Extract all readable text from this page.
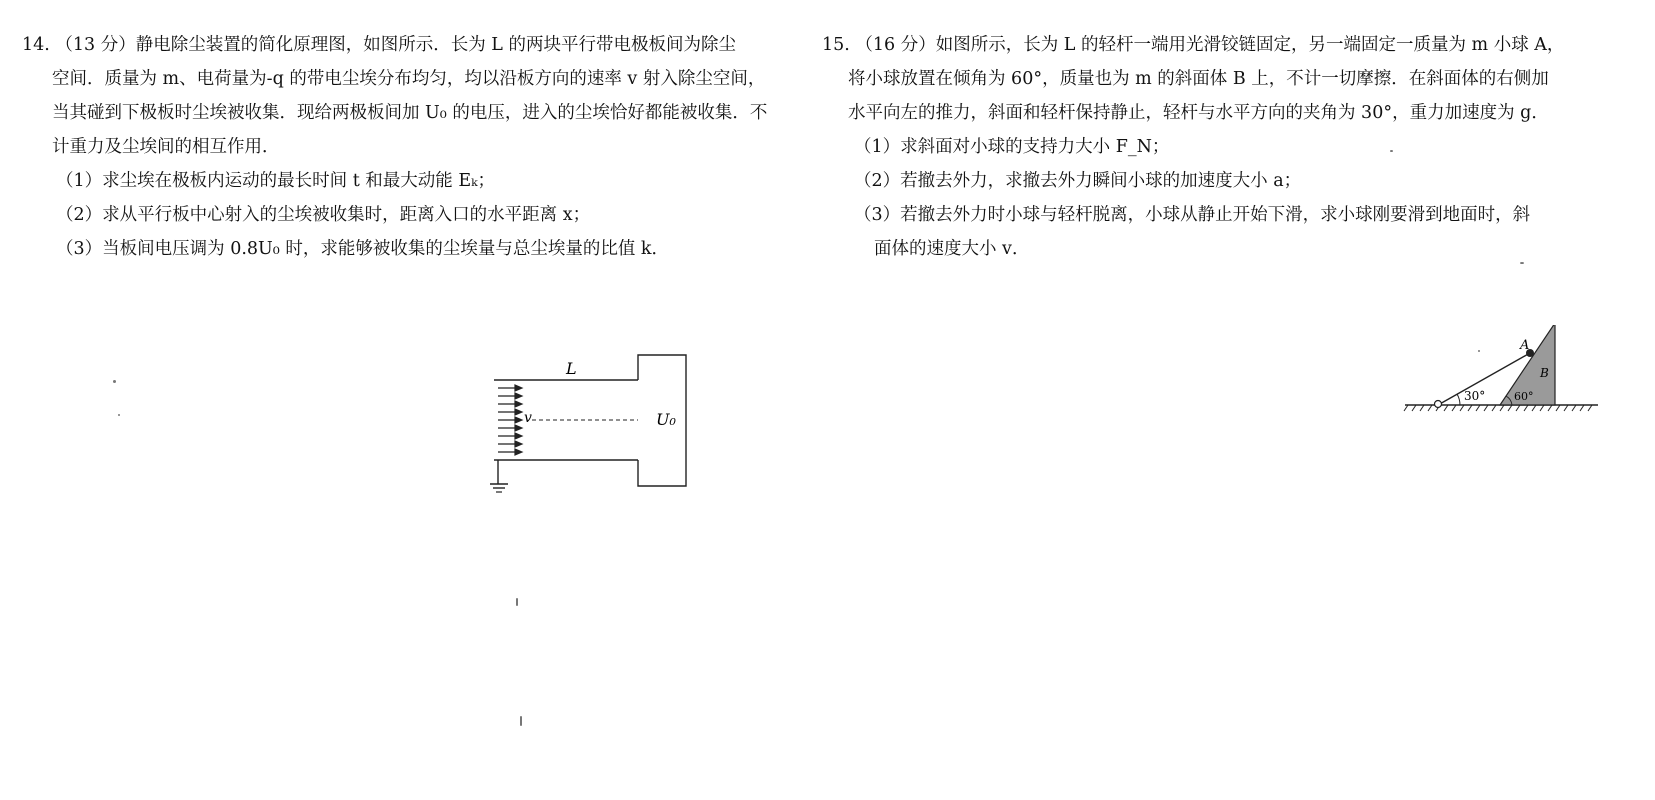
14. （13 分）静电除尘装置的简化原理图，如图所示．长为 L 的两块平行带电极板间为除尘

空间．质量为 m、电荷量为-q 的带电尘埃分布均匀，均以沿板方向的速率 v 射入除尘空间，

当其碰到下极板时尘埃被收集．现给两极板间加 U₀ 的电压，进入的尘埃恰好都能被收集．不

计重力及尘埃间的相互作用．

（1）求尘埃在极板内运动的最长时间 t 和最大动能 Eₖ；

（2）求从平行板中心射入的尘埃被收集时，距离入口的水平距离 x；

（3）当板间电压调为 0.8U₀ 时，求能够被收集的尘埃量与总尘埃量的比值 k．

15. （16 分）如图所示，长为 L 的轻杆一端用光滑铰链固定，另一端固定一质量为 m 小球 A，

将小球放置在倾角为 60°，质量也为 m 的斜面体 B 上，不计一切摩擦．在斜面体的右侧加

水平向左的推力，斜面和轻杆保持静止，轻杆与水平方向的夹角为 30°，重力加速度为 g．

（1）求斜面对小球的支持力大小 F_N；

（2）若撤去外力，求撤去外力瞬间小球的加速度大小 a；

（3）若撤去外力时小球与轻杆脱离，小球从静止开始下滑，求小球刚要滑到地面时，斜

面体的速度大小 v．

L
v	U₀
A
B
30°	60°
